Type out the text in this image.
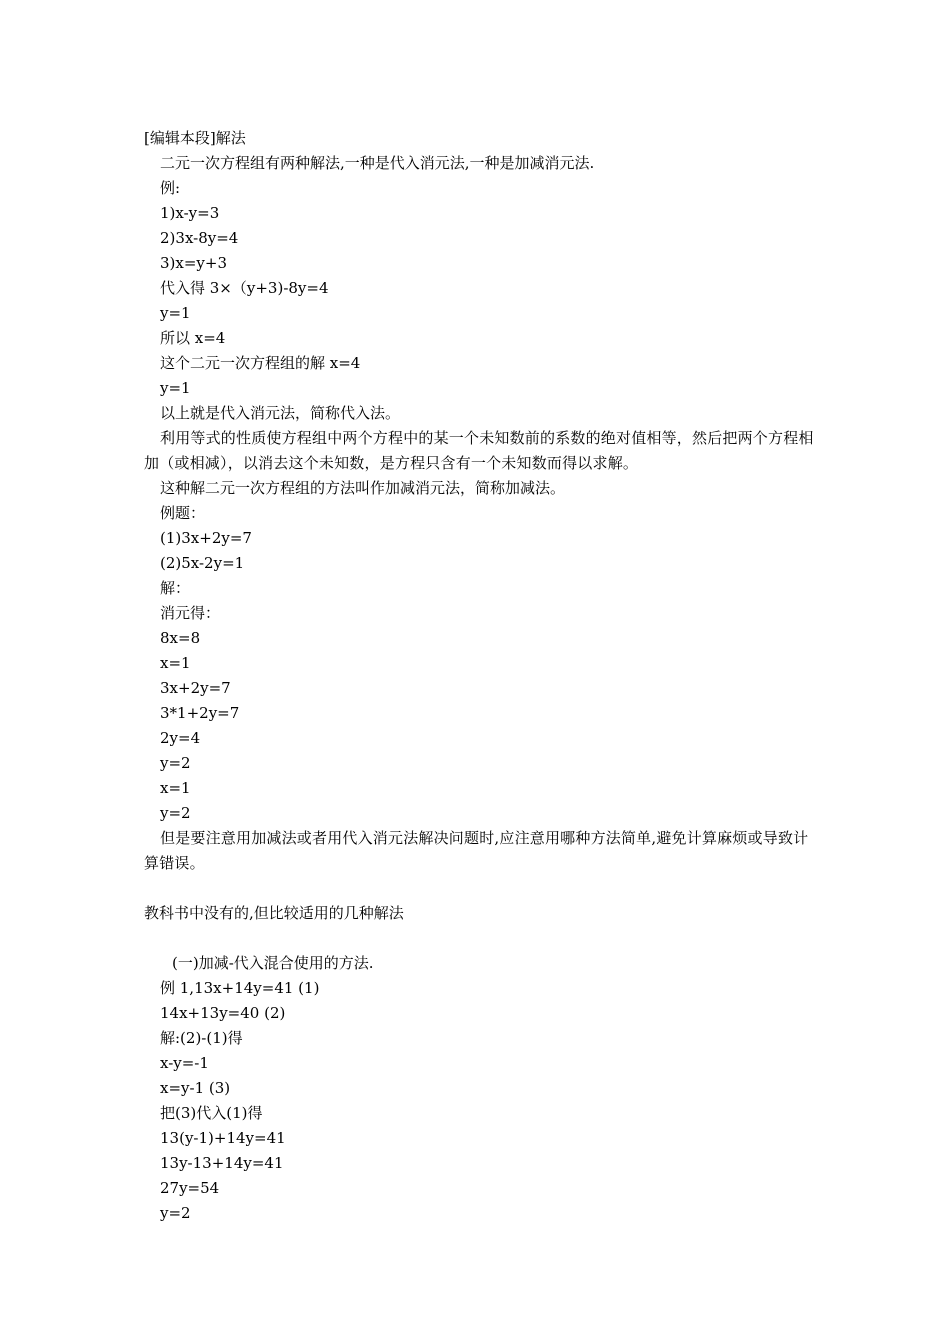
[编辑本段]解法
二元一次方程组有两种解法,一种是代入消元法,一种是加减消元法.
例:
1)x-y=3
2)3x-8y=4
3)x=y+3
代入得 3×（y+3)-8y=4
y=1
所以 x=4
这个二元一次方程组的解 x=4
y=1
以上就是代入消元法，简称代入法。
利用等式的性质使方程组中两个方程中的某一个未知数前的系数的绝对值相等，然后把两个方程相加（或相减），以消去这个未知数，是方程只含有一个未知数而得以求解。
这种解二元一次方程组的方法叫作加减消元法，简称加减法。
例题：
(1)3x+2y=7
(2)5x-2y=1
解：
消元得：
8x=8
x=1
3x+2y=7
3*1+2y=7
2y=4
y=2
x=1
y=2
但是要注意用加减法或者用代入消元法解决问题时,应注意用哪种方法简单,避免计算麻烦或导致计算错误。
教科书中没有的,但比较适用的几种解法
(一)加减-代入混合使用的方法.
例 1,13x+14y=41 (1)
14x+13y=40 (2)
解:(2)-(1)得
x-y=-1
x=y-1 (3)
把(3)代入(1)得
13(y-1)+14y=41
13y-13+14y=41
27y=54
y=2
